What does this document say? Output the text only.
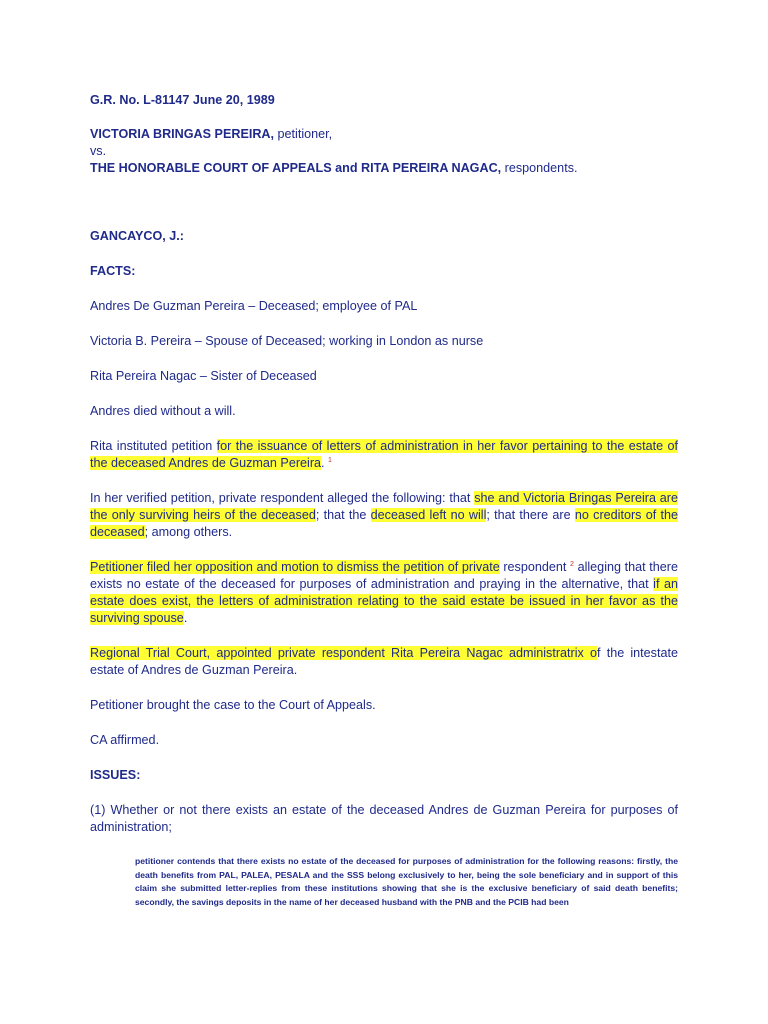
G.R. No. L-81147 June 20, 1989

VICTORIA BRINGAS PEREIRA, petitioner,

vs.

THE HONORABLE COURT OF APPEALS and RITA PEREIRA NAGAC, respondents.

GANCAYCO, J.:

FACTS:

Andres De Guzman Pereira – Deceased; employee of PAL

Victoria B. Pereira – Spouse of Deceased; working in London as nurse

Rita Pereira Nagac – Sister of Deceased

Andres died without a will.

Rita instituted petition for the issuance of letters of administration in her favor pertaining to the estate of the deceased Andres de Guzman Pereira. $^1$

In her verified petition, private respondent alleged the following: that she and Victoria Bringas Pereira are the only surviving heirs of the deceased; that the deceased left no will; that there are no creditors of the deceased; among others.

Petitioner filed her opposition and motion to dismiss the petition of private respondent $^2$ alleging that there exists no estate of the deceased for purposes of administration and praying in the alternative, that if an estate does exist, the letters of administration relating to the said estate be issued in her favor as the surviving spouse.

Regional Trial Court, appointed private respondent Rita Pereira Nagac administratrix of the intestate estate of Andres de Guzman Pereira.

Petitioner brought the case to the Court of Appeals.

CA affirmed.

ISSUES:

(1) Whether or not there exists an estate of the deceased Andres de Guzman Pereira for purposes of administration;

petitioner contends that there exists no estate of the deceased for purposes of administration for the following reasons: firstly, the death benefits from PAL, PALEA, PESALA and the SSS belong exclusively to her, being the sole beneficiary and in support of this claim she submitted letter-replies from these institutions showing that she is the exclusive beneficiary of said death benefits; secondly, the savings deposits in the name of her deceased husband with the PNB and the PCIB had been
